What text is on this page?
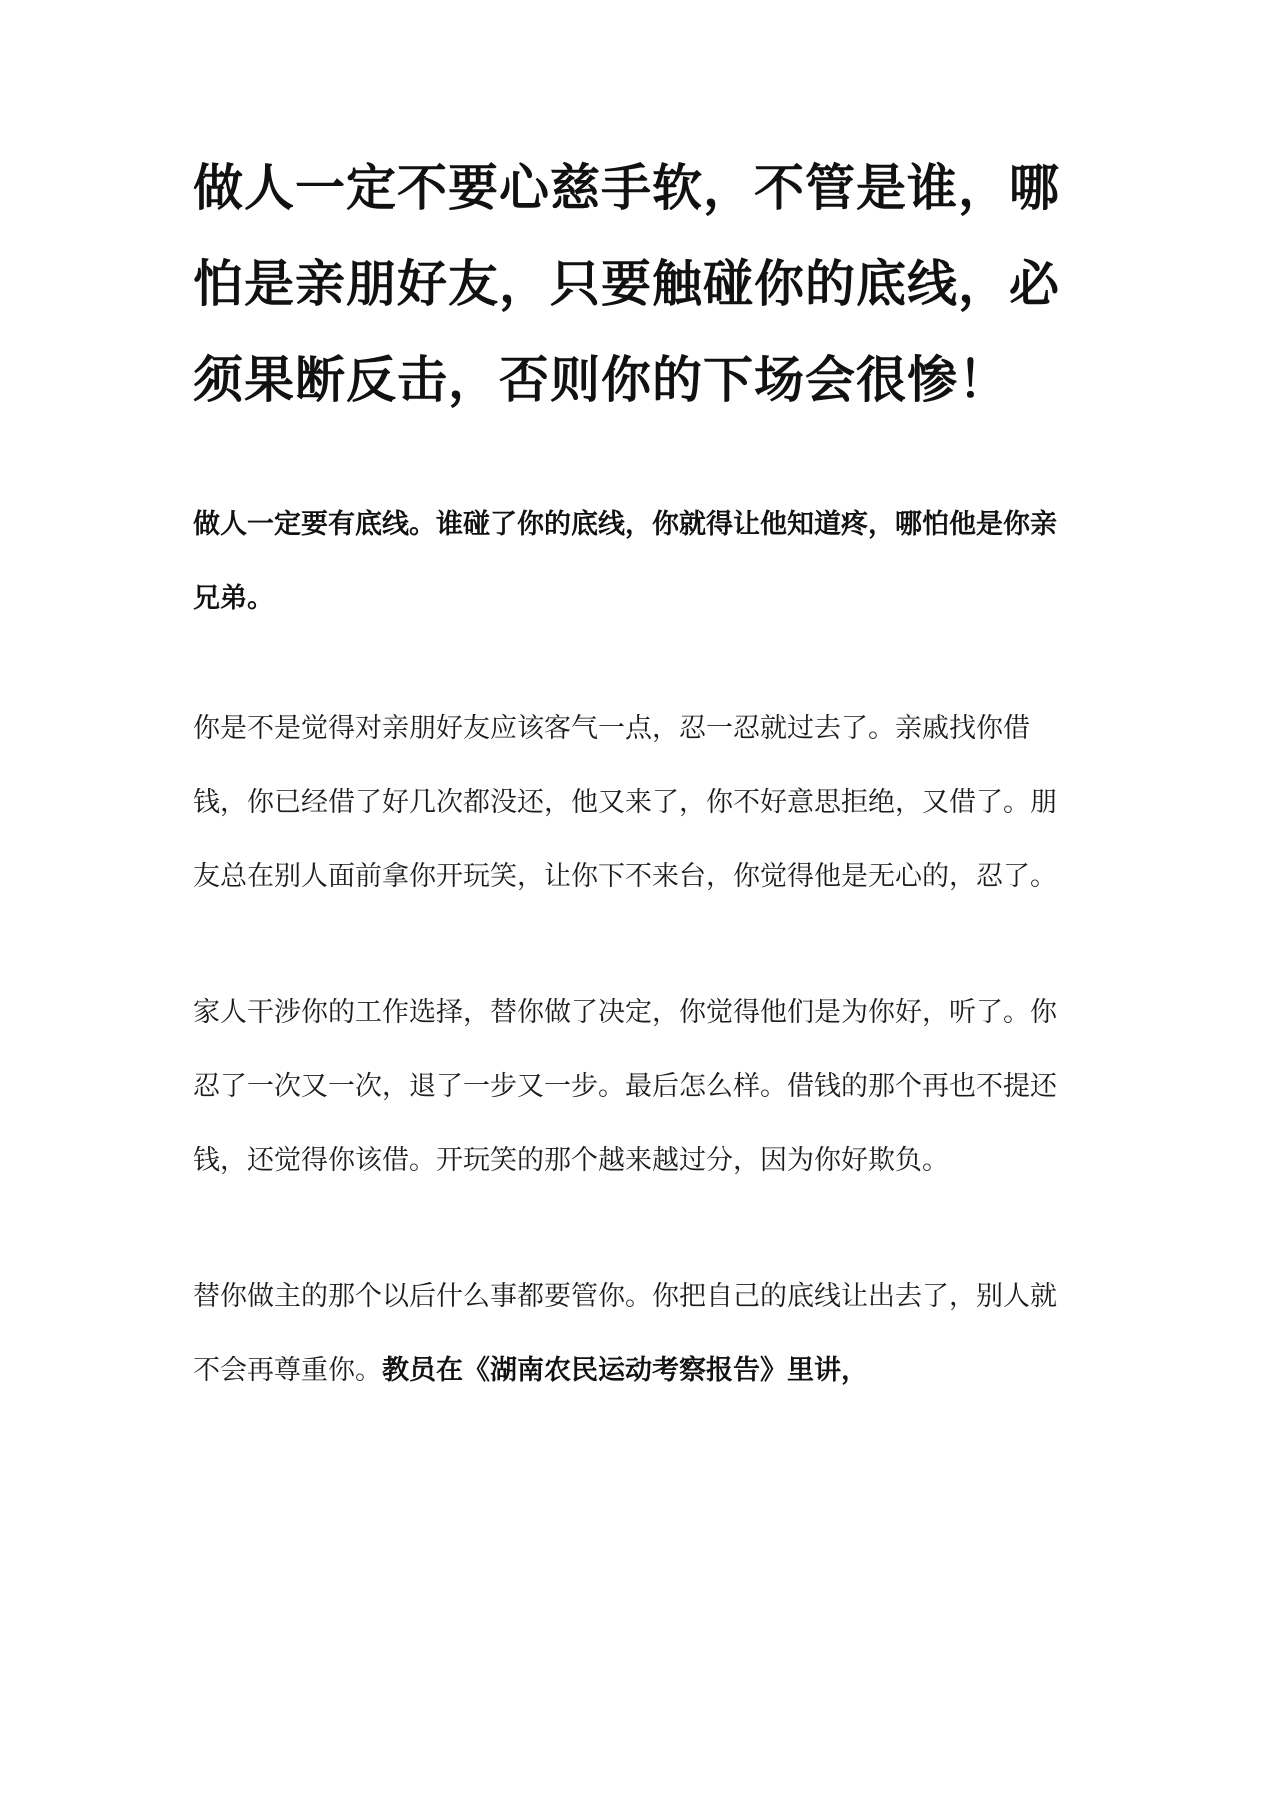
做人一定不要心慈手软，不管是谁，哪怕是亲朋好友，只要触碰你的底线，必须果断反击，否则你的下场会很惨！

做人一定要有底线。谁碰了你的底线，你就得让他知道疼，哪怕他是你亲兄弟。

你是不是觉得对亲朋好友应该客气一点，忍一忍就过去了。亲戚找你借钱，你已经借了好几次都没还，他又来了，你不好意思拒绝，又借了。朋友总在别人面前拿你开玩笑，让你下不来台，你觉得他是无心的，忍了。

家人干涉你的工作选择，替你做了决定，你觉得他们是为你好，听了。你忍了一次又一次，退了一步又一步。最后怎么样。借钱的那个再也不提还钱，还觉得你该借。开玩笑的那个越来越过分，因为你好欺负。

替你做主的那个以后什么事都要管你。你把自己的底线让出去了，别人就不会再尊重你。教员在《湖南农民运动考察报告》里讲，
